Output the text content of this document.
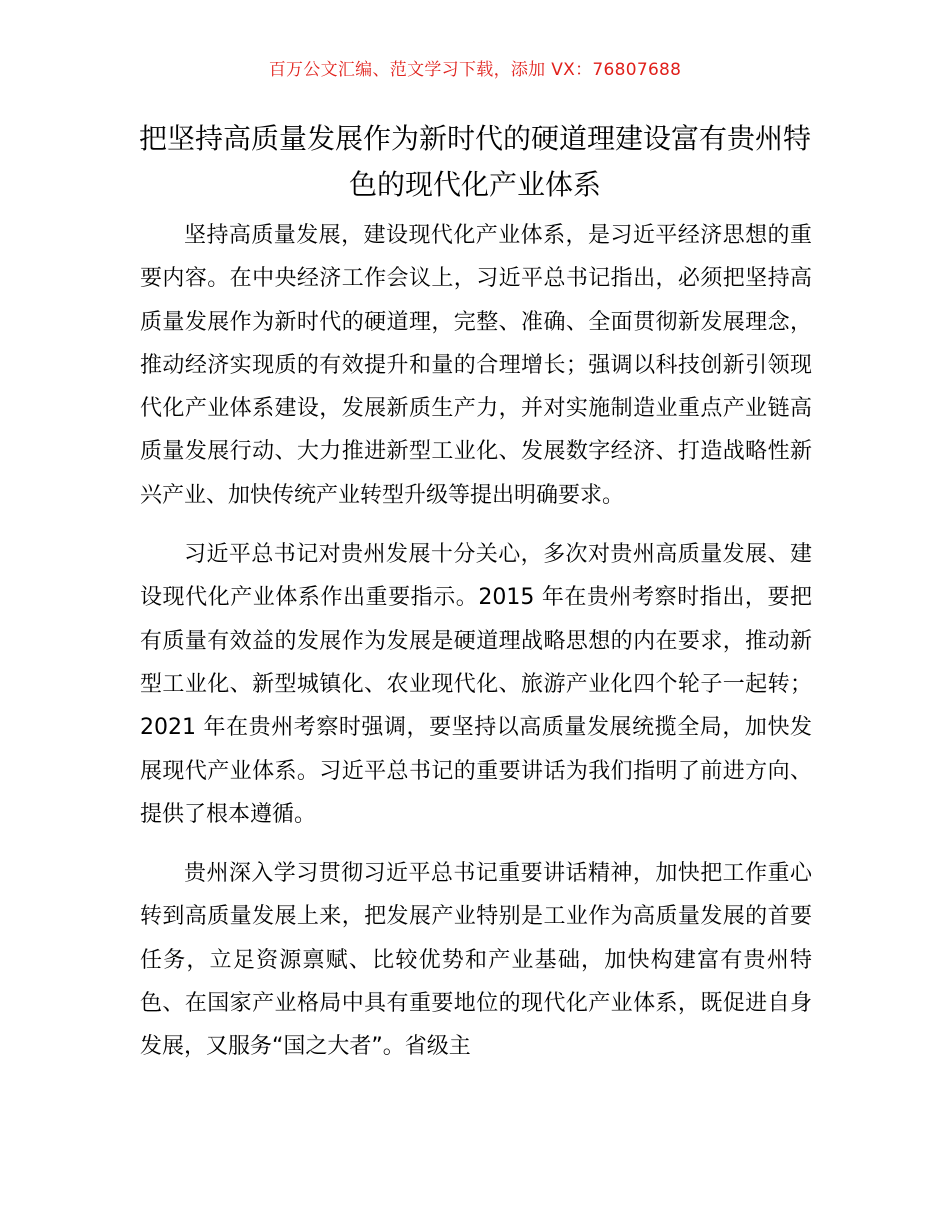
百万公文汇编、范文学习下载，添加 VX：76807688
把坚持高质量发展作为新时代的硬道理建设富有贵州特色的现代化产业体系

坚持高质量发展，建设现代化产业体系，是习近平经济思想的重要内容。在中央经济工作会议上，习近平总书记指出，必须把坚持高质量发展作为新时代的硬道理，完整、准确、全面贯彻新发展理念，推动经济实现质的有效提升和量的合理增长；强调以科技创新引领现代化产业体系建设，发展新质生产力，并对实施制造业重点产业链高质量发展行动、大力推进新型工业化、发展数字经济、打造战略性新兴产业、加快传统产业转型升级等提出明确要求。

习近平总书记对贵州发展十分关心，多次对贵州高质量发展、建设现代化产业体系作出重要指示。2015 年在贵州考察时指出，要把有质量有效益的发展作为发展是硬道理战略思想的内在要求，推动新型工业化、新型城镇化、农业现代化、旅游产业化四个轮子一起转；2021 年在贵州考察时强调，要坚持以高质量发展统揽全局，加快发展现代产业体系。习近平总书记的重要讲话为我们指明了前进方向、提供了根本遵循。

贵州深入学习贯彻习近平总书记重要讲话精神，加快把工作重心转到高质量发展上来，把发展产业特别是工业作为高质量发展的首要任务，立足资源禀赋、比较优势和产业基础，加快构建富有贵州特色、在国家产业格局中具有重要地位的现代化产业体系，既促进自身发展，又服务“国之大者”。省级主
